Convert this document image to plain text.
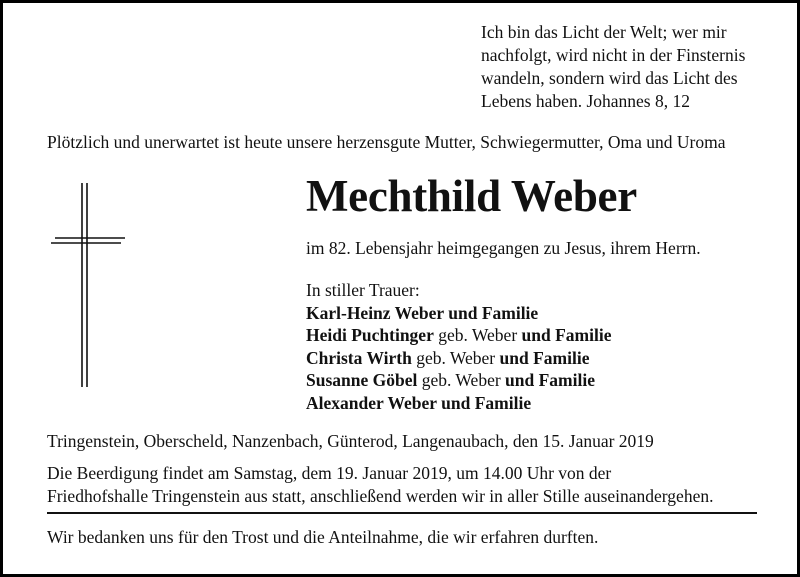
Ich bin das Licht der Welt; wer mir
nachfolgt, wird nicht in der Finsternis
wandeln, sondern wird das Licht des
Lebens haben. Johannes 8, 12
Plötzlich und unerwartet ist heute unsere herzensgute Mutter, Schwiegermutter, Oma und Uroma
Mechthild Weber
im 82. Lebensjahr heimgegangen zu Jesus, ihrem Herrn.
In stiller Trauer:
Karl-Heinz Weber und Familie
Heidi Puchtinger geb. Weber und Familie
Christa Wirth geb. Weber und Familie
Susanne Göbel geb. Weber und Familie
Alexander Weber und Familie
Tringenstein, Oberscheld, Nanzenbach, Günterod, Langenaubach, den 15. Januar 2019
Die Beerdigung findet am Samstag, dem 19. Januar 2019, um 14.00 Uhr von der
Friedhofshalle Tringenstein aus statt, anschließend werden wir in aller Stille auseinandergehen.
Wir bedanken uns für den Trost und die Anteilnahme, die wir erfahren durften.
